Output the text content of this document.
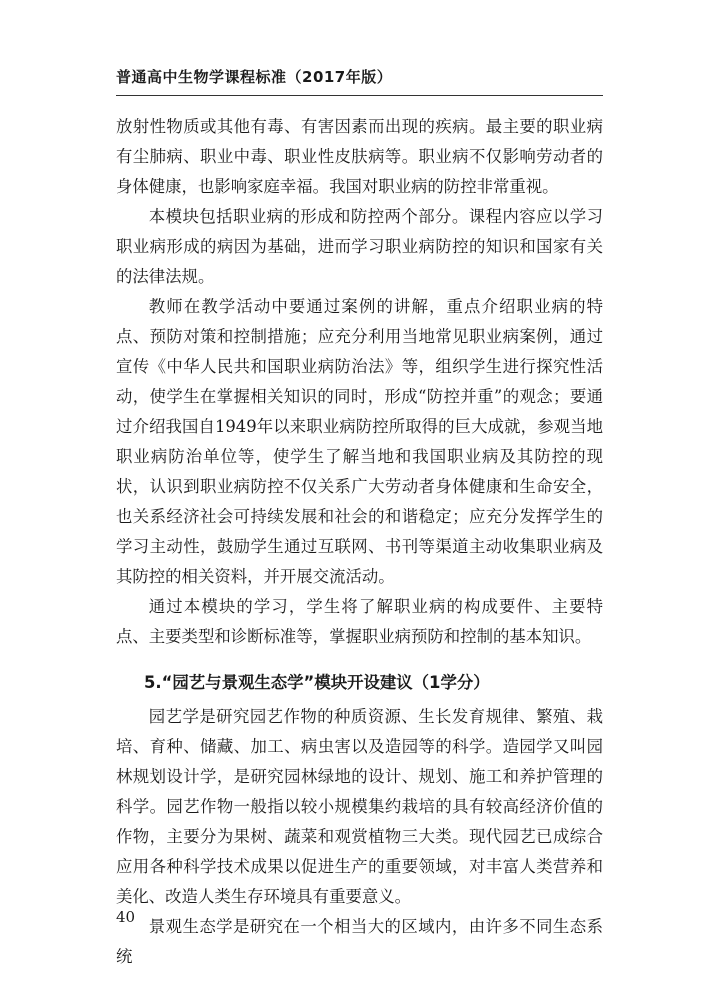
普通高中生物学课程标准（2017年版）

放射性物质或其他有毒、有害因素而出现的疾病。最主要的职业病有尘肺病、职业中毒、职业性皮肤病等。职业病不仅影响劳动者的身体健康，也影响家庭幸福。我国对职业病的防控非常重视。

本模块包括职业病的形成和防控两个部分。课程内容应以学习职业病形成的病因为基础，进而学习职业病防控的知识和国家有关的法律法规。

教师在教学活动中要通过案例的讲解，重点介绍职业病的特点、预防对策和控制措施；应充分利用当地常见职业病案例，通过宣传《中华人民共和国职业病防治法》等，组织学生进行探究性活动，使学生在掌握相关知识的同时，形成“防控并重”的观念；要通过介绍我国自1949年以来职业病防控所取得的巨大成就，参观当地职业病防治单位等，使学生了解当地和我国职业病及其防控的现状，认识到职业病防控不仅关系广大劳动者身体健康和生命安全，也关系经济社会可持续发展和社会的和谐稳定；应充分发挥学生的学习主动性，鼓励学生通过互联网、书刊等渠道主动收集职业病及其防控的相关资料，并开展交流活动。

通过本模块的学习，学生将了解职业病的构成要件、主要特点、主要类型和诊断标准等，掌握职业病预防和控制的基本知识。

5.“园艺与景观生态学”模块开设建议（1学分）

园艺学是研究园艺作物的种质资源、生长发育规律、繁殖、栽培、育种、储藏、加工、病虫害以及造园等的科学。造园学又叫园林规划设计学，是研究园林绿地的设计、规划、施工和养护管理的科学。园艺作物一般指以较小规模集约栽培的具有较高经济价值的作物，主要分为果树、蔬菜和观赏植物三大类。现代园艺已成综合应用各种科学技术成果以促进生产的重要领域，对丰富人类营养和美化、改造人类生存环境具有重要意义。

景观生态学是研究在一个相当大的区域内，由许多不同生态系统

40
